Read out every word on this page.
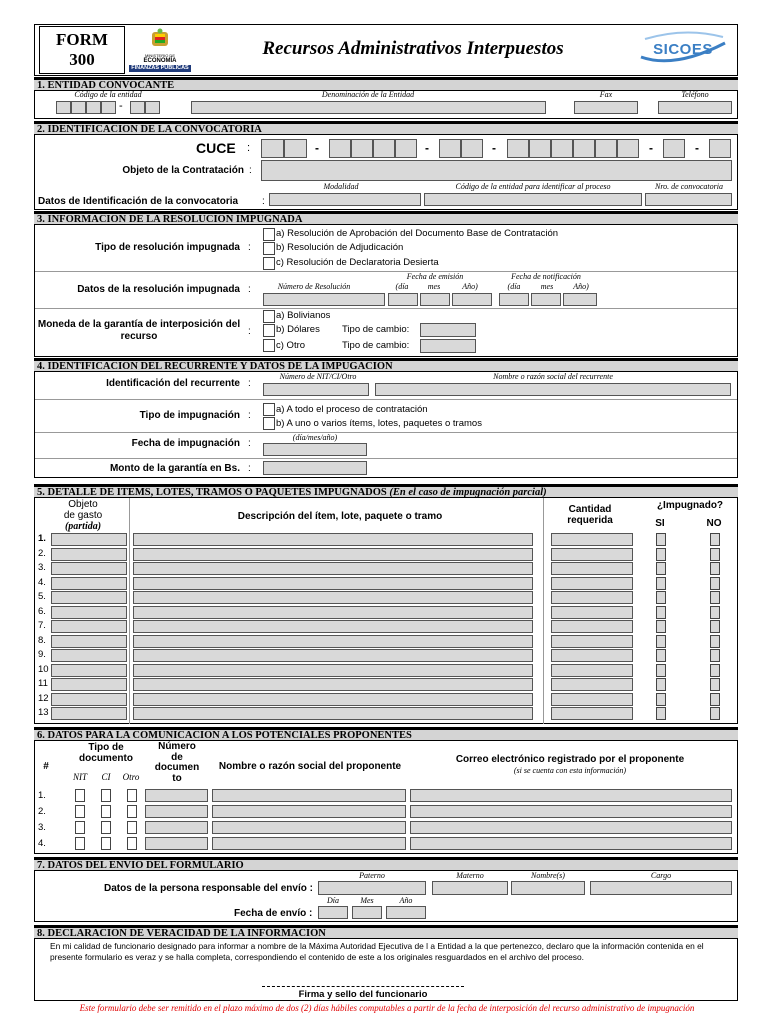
FORM
300	MINISTERIO DE
ECONOMÍA
FINANZAS PÚBLICAS
Recursos Administrativos Interpuestos	SICOES
1. ENTIDAD CONVOCANTE
Código de la entidad
-
Denominación de la Entidad	Fax	Teléfono
2. IDENTIFICACION DE LA CONVOCATORIA
CUCE :	-	-	-	-	-
Objeto de la Contratación :
Modalidad	Código de la entidad para identificar al proceso	Nro. de convocatoria
Datos de Identificación de la convocatoria :
3. INFORMACION DE LA RESOLUCION IMPUGNADA
Tipo de resolución impugnada :
a) Resolución de Aprobación del Documento Base de Contratación
b) Resolución de Adjudicación
c) Resolución de Declaratoria Desierta
Fecha de emisión	Fecha de notificación
Número de Resolución	(día	mes	Año)	(día	mes	Año)
Datos de la resolución impugnada :
Moneda de la garantía de interposición del recurso	:
a) Bolivianos
b) Dólares Tipo de cambio:
c) Otro	Tipo de cambio:
4. IDENTIFICACION DEL RECURRENTE Y DATOS DE LA IMPUGACION
Número de NIT/CI/Otro	Nombre o razón social del recurrente
Identificación del recurrente :
Tipo de impugnación :
a) A todo el proceso de contratación
b) A uno o varios ítems, lotes, paquetes o tramos
(día/mes/año)
Fecha de impugnación :
Monto de la garantía en Bs. :
5. DETALLE DE ITEMS, LOTES, TRAMOS O PAQUETES IMPUGNADOS (En el caso de impugnación parcial)
Objeto
de gasto
(partida)
Descripción del ítem, lote, paquete o tramo
Cantidad
requerida
¿Impugnado?
SI	NO
1.
2.
3.
4.
5.
6.
7.
8.
9.
10
11
12
13
6. DATOS PARA LA COMUNICACION A LOS POTENCIALES PROPONENTES
#
Tipo de
documento
NIT	CI	Otro
Número
de
documen
to
Nombre o razón social del proponente
Correo electrónico registrado por el proponente
(si se cuenta con esta información)
1.
2.
3.
4.
7. DATOS DEL ENVIO DEL FORMULARIO
Paterno	Materno	Nombre(s)	Cargo
Datos de la persona responsable del envío :
Día	Mes	Año
Fecha de envío :
8. DECLARACION DE VERACIDAD DE LA INFORMACION
En mi calidad de funcionario designado para informar a nombre de la Máxima Autoridad Ejecutiva de l a Entidad a la que pertenezco, declaro que la información contenida en el presente formulario es veraz y se halla completa, correspondiendo el contenido de este a los originales resguardados en el archivo del proceso.
Firma y sello del funcionario
Este formulario debe ser remitido en el plazo máximo de dos (2) días hábiles computables a partir de la fecha de interposición del recurso administrativo de impugnación
